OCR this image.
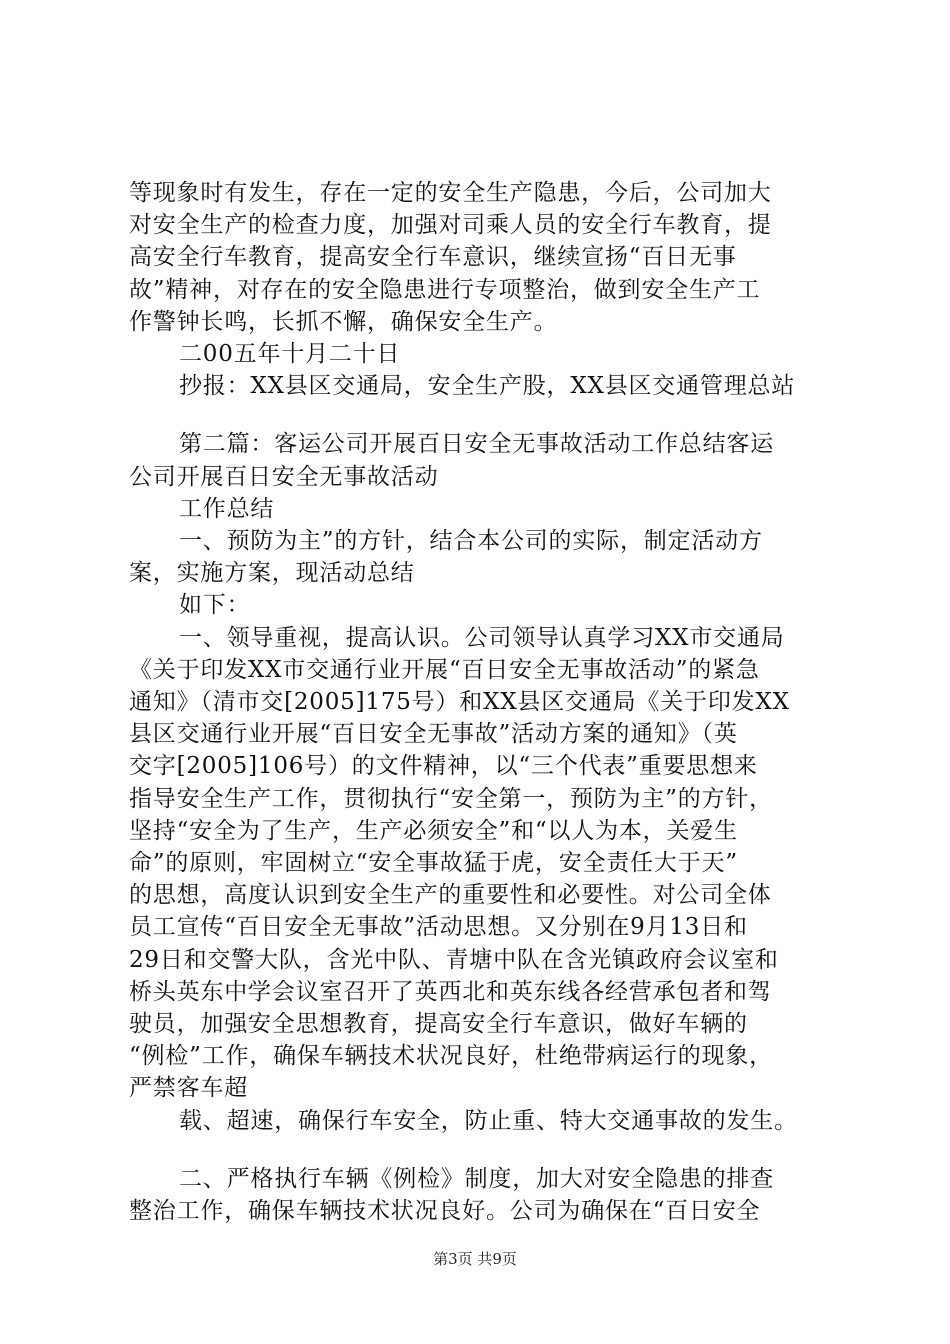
等现象时有发生，存在一定的安全生产隐患，今后，公司加大
对安全生产的检查力度，加强对司乘人员的安全行车教育，提
高安全行车教育，提高安全行车意识，继续宣扬“百日无事
故”精神，对存在的安全隐患进行专项整治，做到安全生产工
作警钟长鸣，长抓不懈，确保安全生产。
二00五年十月二十日
抄报：XX县区交通局，安全生产股，XX县区交通管理总站
第二篇：客运公司开展百日安全无事故活动工作总结客运
公司开展百日安全无事故活动
工作总结
一、预防为主”的方针，结合本公司的实际，制定活动方
案，实施方案，现活动总结
如下：
一、领导重视，提高认识。公司领导认真学习XX市交通局
《关于印发XX市交通行业开展“百日安全无事故活动”的紧急
通知》（清市交[2005]175号）和XX县区交通局《关于印发XX
县区交通行业开展“百日安全无事故”活动方案的通知》（英
交字[2005]106号）的文件精神，以“三个代表”重要思想来
指导安全生产工作，贯彻执行“安全第一，预防为主”的方针，
坚持“安全为了生产，生产必须安全”和“以人为本，关爱生
命”的原则，牢固树立“安全事故猛于虎，安全责任大于天”
的思想，高度认识到安全生产的重要性和必要性。对公司全体
员工宣传“百日安全无事故”活动思想。又分别在9月13日和
29日和交警大队，含光中队、青塘中队在含光镇政府会议室和
桥头英东中学会议室召开了英西北和英东线各经营承包者和驾
驶员，加强安全思想教育，提高安全行车意识，做好车辆的
“例检”工作，确保车辆技术状况良好，杜绝带病运行的现象，
严禁客车超
载、超速，确保行车安全，防止重、特大交通事故的发生。
二、严格执行车辆《例检》制度，加大对安全隐患的排查
整治工作，确保车辆技术状况良好。公司为确保在“百日安全
第3页 共9页
